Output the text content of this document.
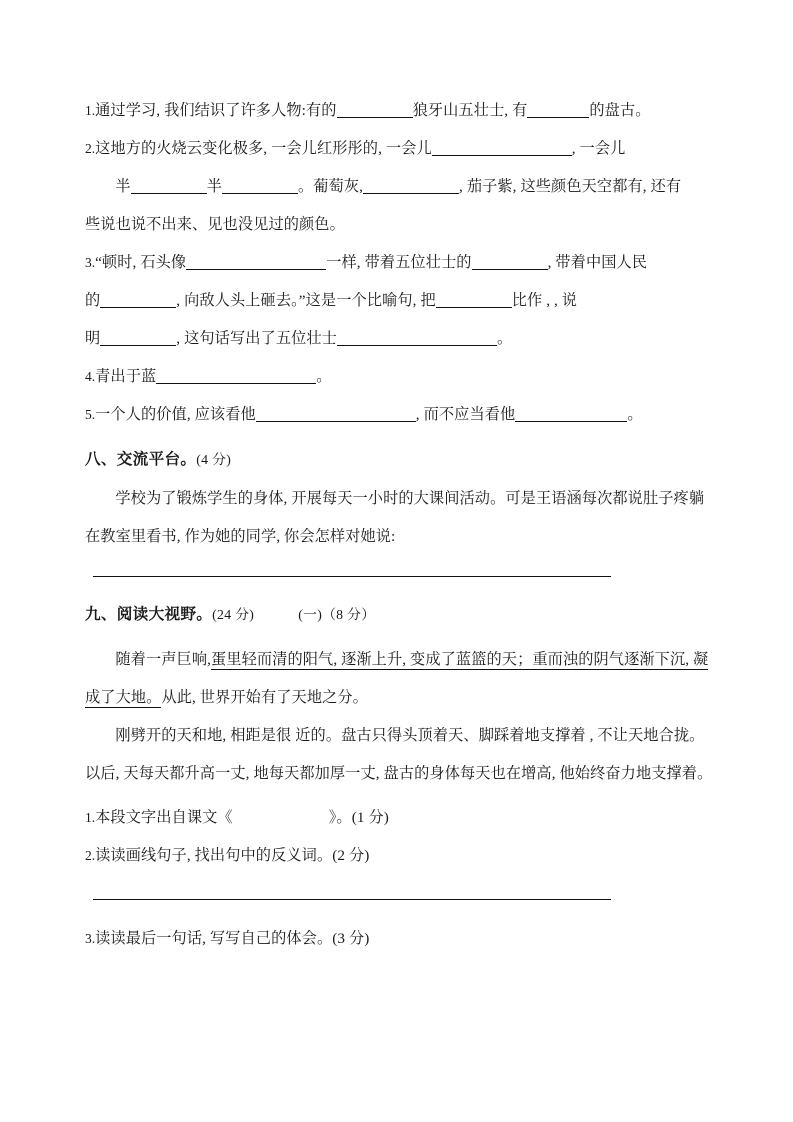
1.通过学习, 我们结识了许多人物:有的	狼牙山五壮士, 有	的盘古。
2.这地方的火烧云变化极多, 一会儿红形彤的, 一会儿	, 一会儿
半	半	。葡萄灰,	, 茄子紫, 这些颜色天空都有, 还有
些说也说不出来、见也没见过的颜色。
3.“顿时, 石头像	一样, 带着五位壮士的	, 带着中国人民
的	, 向敌人头上砸去。”这是一个比喻句, 把	比作 , , 说
明	, 这句话写出了五位壮士	。
4.青出于蓝	。
5.一个人的价值, 应该看他	, 而不应当看他	。
八、交流平台。(4 分)
学校为了锻炼学生的身体, 开展每天一小时的大课间活动。可是王语涵每次都说肚子疼躺在教室里看书, 作为她的同学, 你会怎样对她说:
九、阅读大视野。(24 分)	(一)（8 分）
随着一声巨响,蛋里轻而清的阳气, 逐渐上升, 变成了蓝篮的天；重而浊的阴气逐渐下沉, 凝成了大地。从此, 世界开始有了天地之分。
刚劈开的天和地, 相距是很 近的。盘古只得头顶着天、脚踩着地支撑着 , 不让天地合拢。以后, 天每天都升高一丈, 地每天都加厚一丈, 盘古的身体每天也在增高, 他始终奋力地支撑着。
1.本段文字出自课文《	》。(1 分)
2.读读画线句子, 找出句中的反义词。(2 分)
3.读读最后一句话, 写写自己的体会。(3 分)
